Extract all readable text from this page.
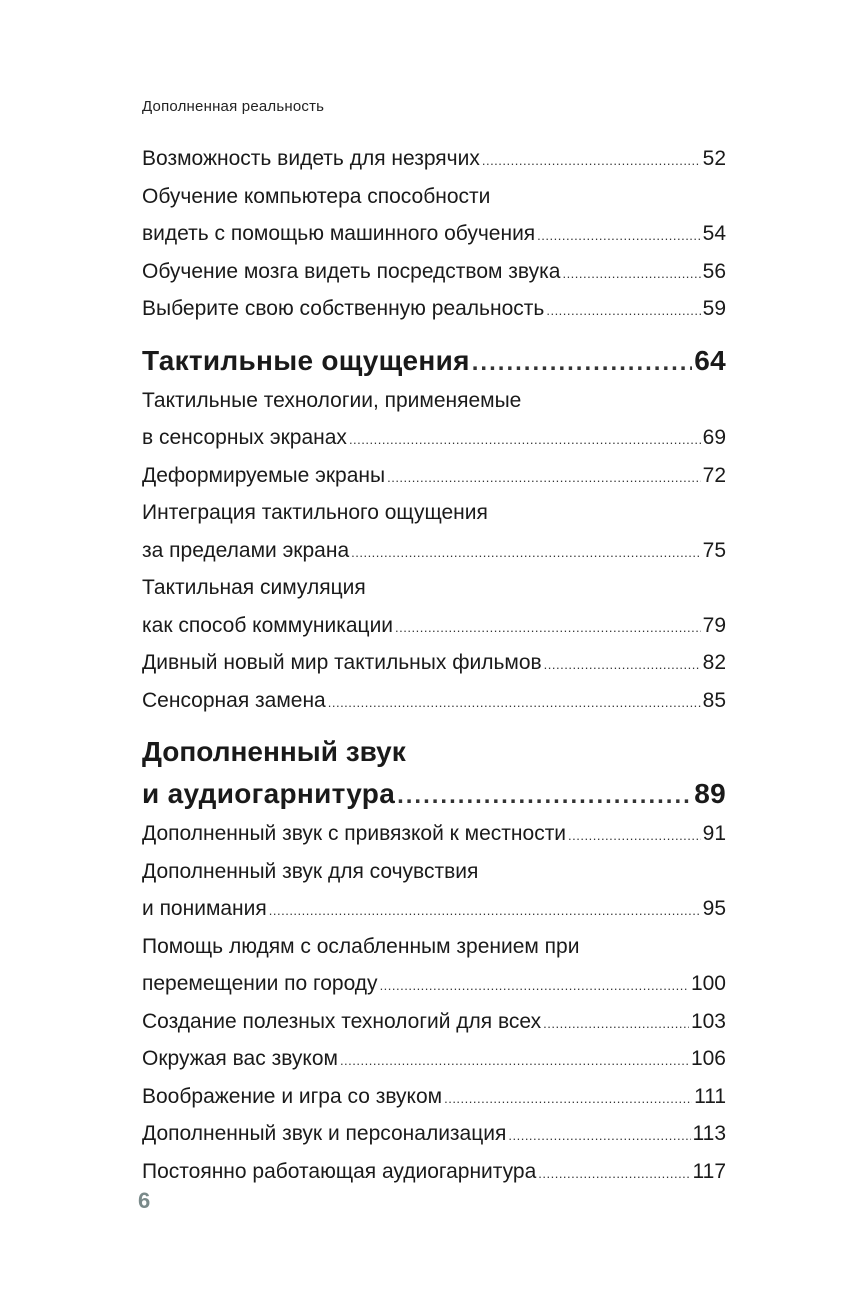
Дополненная реальность
Возможность видеть для незрячих .....	52
Обучение компьютера способности
видеть с помощью машинного обучения .....	54
Обучение мозга видеть посредством звука .....	56
Выберите свою собственную реальность .....	59
Тактильные ощущения .....	64
Тактильные технологии, применяемые
в сенсорных экранах .....	69
Деформируемые экраны .....	72
Интеграция тактильного ощущения
за пределами экрана .....	75
Тактильная симуляция
как способ коммуникации .....	79
Дивный новый мир тактильных фильмов .....	82
Сенсорная замена .....	85
Дополненный звук
и аудиогарнитура .....	89
Дополненный звук с привязкой к местности .....	91
Дополненный звук для сочувствия
и понимания .....	95
Помощь людям с ослабленным зрением при
перемещении по городу .....	100
Создание полезных технологий для всех .....	103
Окружая вас звуком .....	106
Воображение и игра со звуком .....	111
Дополненный звук и персонализация .....	113
Постоянно работающая аудиогарнитура .....	117
6
